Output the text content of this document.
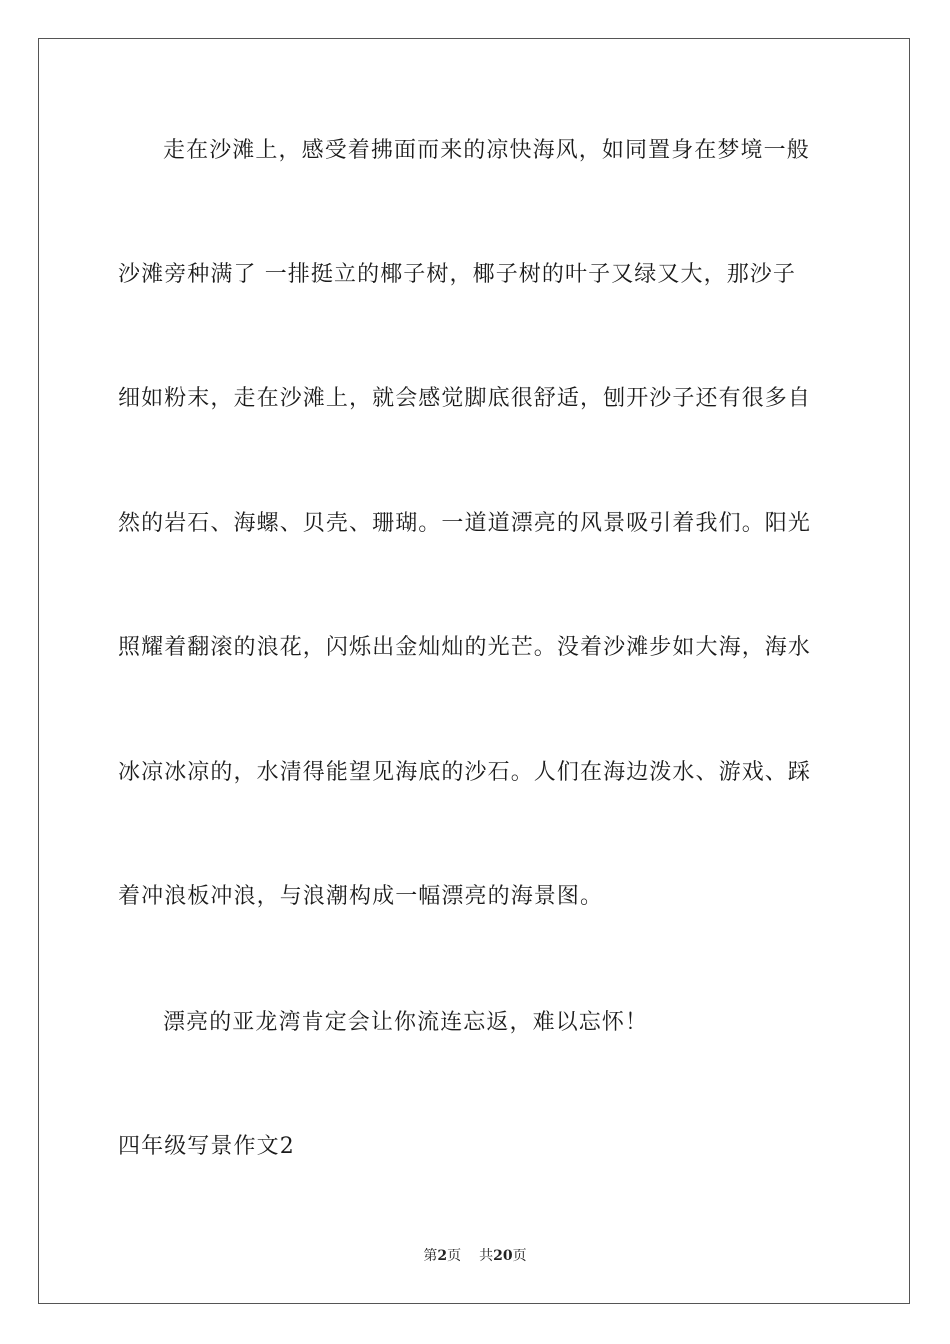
走在沙滩上，感受着拂面而来的凉快海风，如同置身在梦境一般
沙滩旁种满了 一排挺立的椰子树，椰子树的叶子又绿又大，那沙子
细如粉末，走在沙滩上，就会感觉脚底很舒适，刨开沙子还有很多自
然的岩石、海螺、贝壳、珊瑚。一道道漂亮的风景吸引着我们。阳光
照耀着翻滚的浪花，闪烁出金灿灿的光芒。没着沙滩步如大海，海水
冰凉冰凉的，水清得能望见海底的沙石。人们在海边泼水、游戏、踩
着冲浪板冲浪，与浪潮构成一幅漂亮的海景图。
漂亮的亚龙湾肯定会让你流连忘返，难以忘怀！
四年级写景作文2
第2页 共20页
